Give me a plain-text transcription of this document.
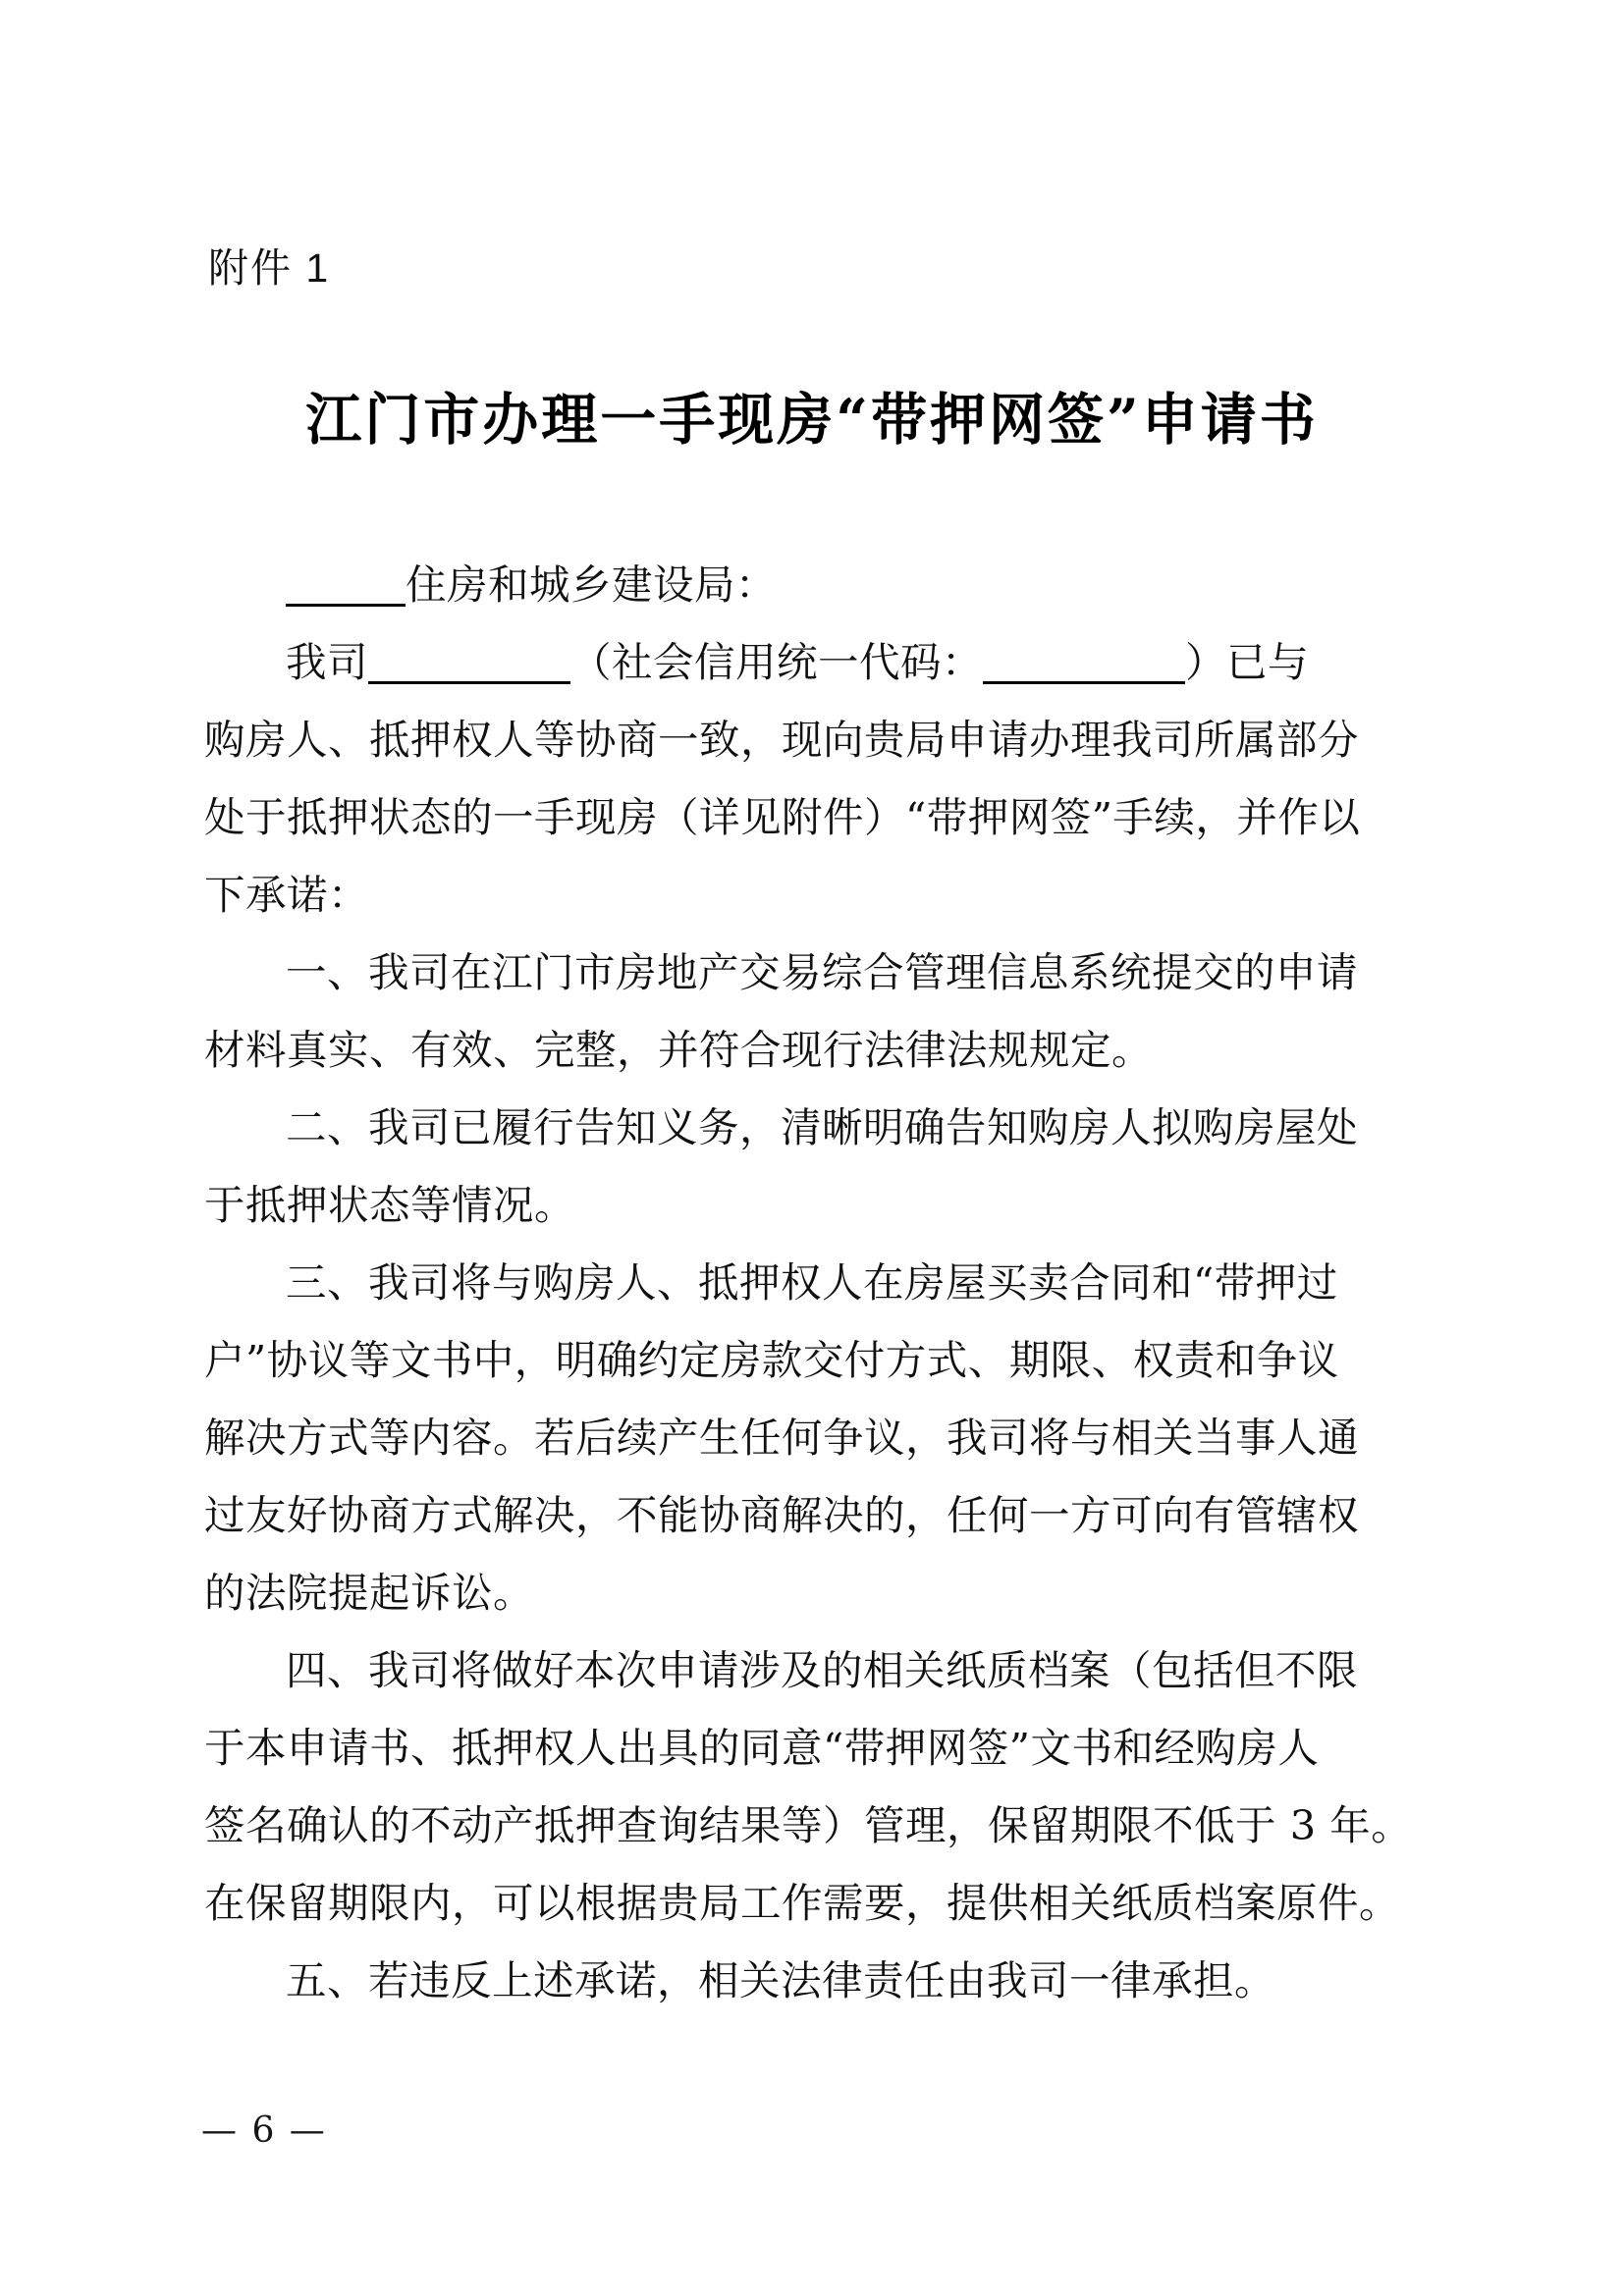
附件 1
江门市办理一手现房“带押网签”申请书
住房和城乡建设局：
我司	（社会信用统一代码：	）已与
购房人、抵押权人等协商一致，现向贵局申请办理我司所属部分
处于抵押状态的一手现房（详见附件）“带押网签”手续，并作以
下承诺：
一、我司在江门市房地产交易综合管理信息系统提交的申请
材料真实、有效、完整，并符合现行法律法规规定。
二、我司已履行告知义务，清晰明确告知购房人拟购房屋处
于抵押状态等情况。
三、我司将与购房人、抵押权人在房屋买卖合同和“带押过
户”协议等文书中，明确约定房款交付方式、期限、权责和争议
解决方式等内容。若后续产生任何争议，我司将与相关当事人通
过友好协商方式解决，不能协商解决的，任何一方可向有管辖权
的法院提起诉讼。
四、我司将做好本次申请涉及的相关纸质档案（包括但不限
于本申请书、抵押权人出具的同意“带押网签”文书和经购房人
签名确认的不动产抵押查询结果等）管理，保留期限不低于 3 年。
在保留期限内，可以根据贵局工作需要，提供相关纸质档案原件。
五、若违反上述承诺，相关法律责任由我司一律承担。
— 6 —
